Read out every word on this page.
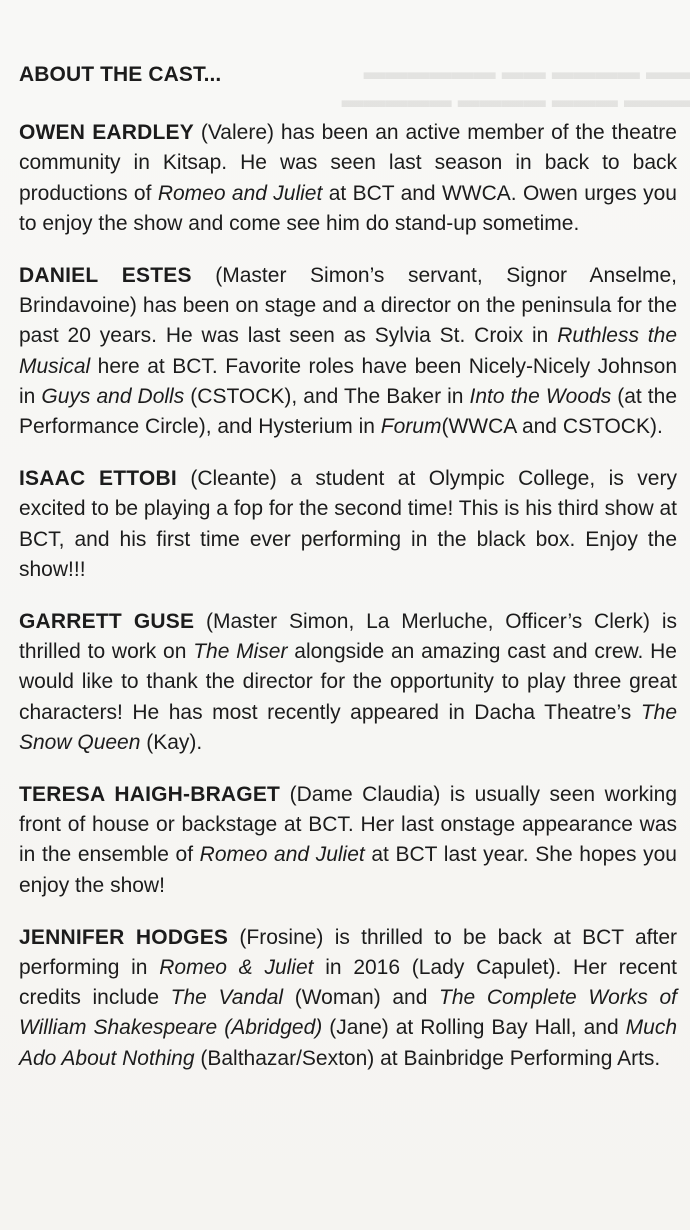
▬▬ ▬▬▬▬ ▬▬ ▬▬▬▬▬▬
▬▬▬ ▬▬▬ ▬▬▬▬ ▬▬▬▬▬
ABOUT THE CAST...

OWEN EARDLEY (Valere) has been an active member of the theatre community in Kitsap. He was seen last season in back to back productions of Romeo and Juliet at BCT and WWCA. Owen urges you to enjoy the show and come see him do stand-up sometime.

DANIEL ESTES (Master Simon’s servant, Signor Anselme, Brindavoine) has been on stage and a director on the peninsula for the past 20 years. He was last seen as Sylvia St. Croix in Ruthless the Musical here at BCT. Favorite roles have been Nicely-Nicely Johnson in Guys and Dolls (CSTOCK), and The Baker in Into the Woods (at the Performance Circle), and Hysterium in Forum(WWCA and CSTOCK).

ISAAC ETTOBI (Cleante) a student at Olympic College, is very excited to be playing a fop for the second time! This is his third show at BCT, and his first time ever performing in the black box. Enjoy the show!!!

GARRETT GUSE (Master Simon, La Merluche, Officer’s Clerk) is thrilled to work on The Miser alongside an amazing cast and crew. He would like to thank the director for the opportunity to play three great characters! He has most recently appeared in Dacha Theatre’s The Snow Queen (Kay).

TERESA HAIGH-BRAGET (Dame Claudia) is usually seen working front of house or backstage at BCT. Her last onstage appearance was in the ensemble of Romeo and Juliet at BCT last year. She hopes you enjoy the show!

JENNIFER HODGES (Frosine) is thrilled to be back at BCT after performing in Romeo & Juliet in 2016 (Lady Capulet). Her recent credits include The Vandal (Woman) and The Complete Works of William Shakespeare (Abridged) (Jane) at Rolling Bay Hall, and Much Ado About Nothing (Balthazar/Sexton) at Bainbridge Performing Arts.
